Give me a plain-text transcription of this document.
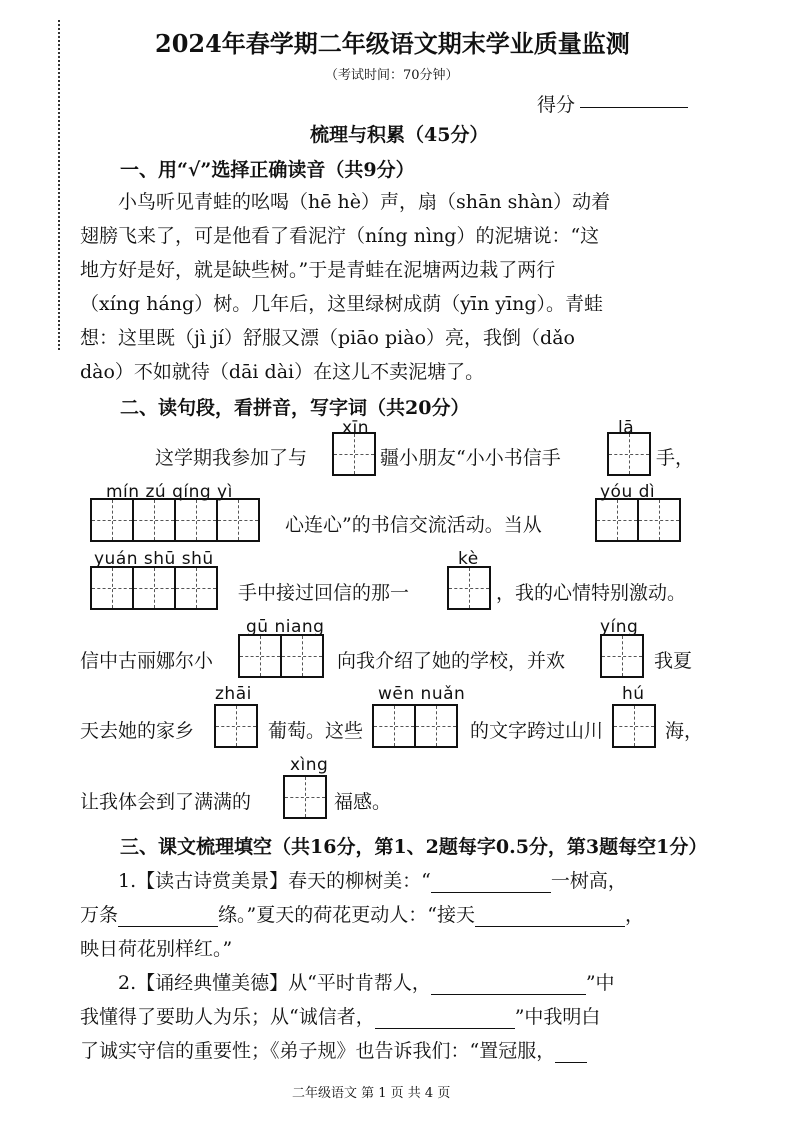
2024年春学期二年级语文期末学业质量监测
（考试时间：70分钟）
得分
梳理与积累（45分）
一、用“√”选择正确读音（共9分）
小鸟听见青蛙的吆喝（hē hè）声，扇（shān shàn）动着
翅膀飞来了，可是他看了看泥泞（níng nìng）的泥塘说：“这
地方好是好，就是缺些树。”于是青蛙在泥塘两边栽了两行
（xíng háng）树。几年后，这里绿树成荫（yīn yīng）。青蛙
想：这里既（jì jí）舒服又漂（piāo piào）亮，我倒（dǎo
dào）不如就待（dāi dài）在这儿不卖泥塘了。
二、读句段，看拼音，写字词（共20分）
xīn	lā
这学期我参加了与	疆小朋友“小小书信手	手，
mín zú qíng yì	yóu dì
心连心”的书信交流活动。当从
yuán shū shū	kè
手中接过回信的那一	，我的心情特别激动。
gū niang	yíng
信中古丽娜尔小	向我介绍了她的学校，并欢	我夏
zhāi	wēn nuǎn	hú
天去她的家乡	葡萄。这些	的文字跨过山川	海，
xìng
让我体会到了满满的	福感。
三、课文梳理填空（共16分，第1、2题每字0.5分，第3题每空1分）
1.【读古诗赏美景】春天的柳树美：“	一树高，
万条	绦。”夏天的荷花更动人：“接天	，
映日荷花别样红。”
2.【诵经典懂美德】从“平时肯帮人，	”中
我懂得了要助人为乐；从“诚信者，	”中我明白
了诚实守信的重要性；《弟子规》也告诉我们：“置冠服，
二年级语文 第 1 页 共 4 页
